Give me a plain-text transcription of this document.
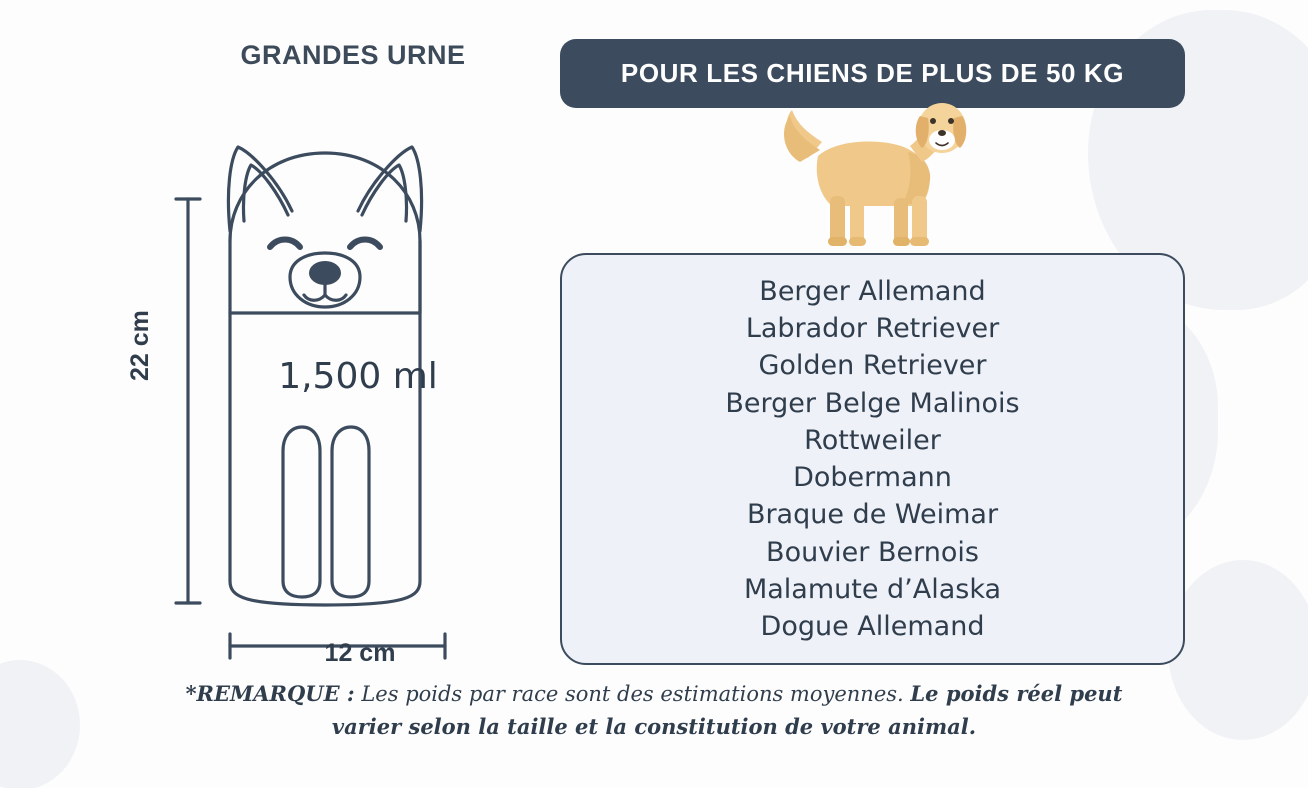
GRANDES URNE
1,500 ml
22 cm
12 cm
POUR LES CHIENS DE PLUS DE 50 KG
Berger Allemand
Labrador Retriever
Golden Retriever
Berger Belge Malinois
Rottweiler
Dobermann
Braque de Weimar
Bouvier Bernois
Malamute d’Alaska
Dogue Allemand
*REMARQUE : Les poids par race sont des estimations moyennes. Le poids réel peut varier selon la taille et la constitution de votre animal.
